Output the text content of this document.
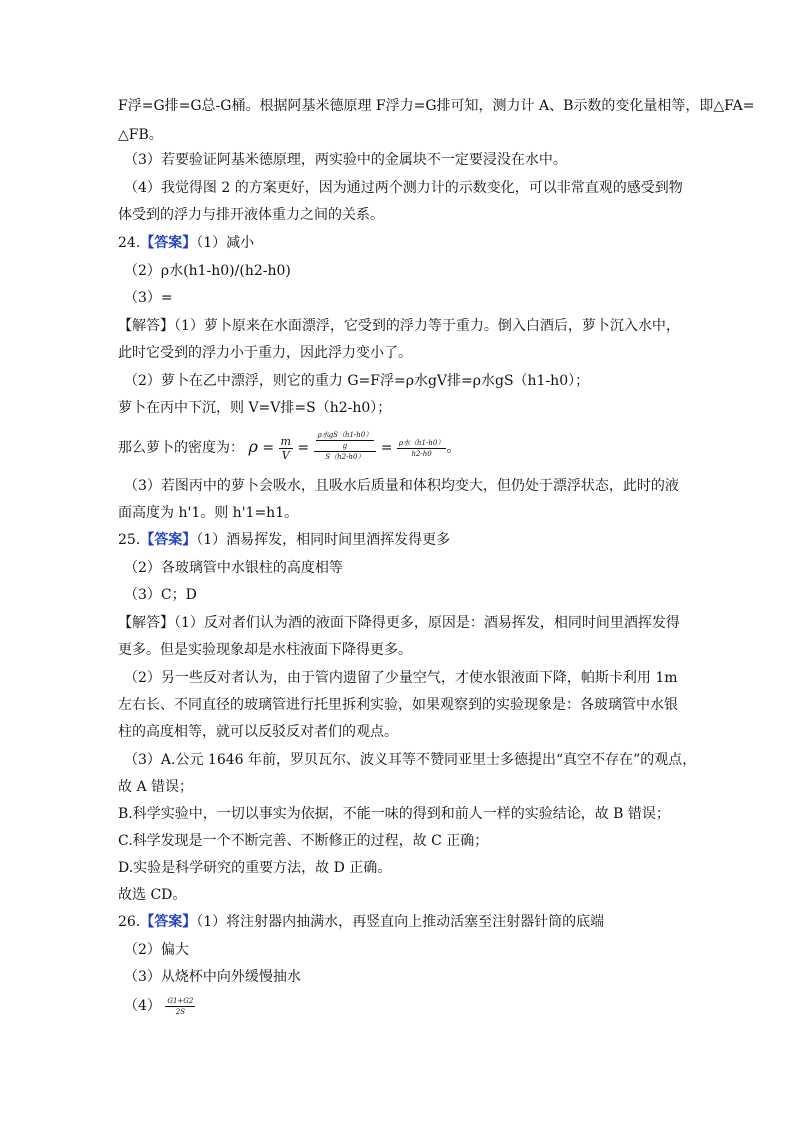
F浮=G排=G总-G桶。根据阿基米德原理 F浮力=G排可知，测力计 A、B示数的变化量相等，即△FA=
△FB。
（3）若要验证阿基米德原理，两实验中的金属块不一定要浸没在水中。
（4）我觉得图 2 的方案更好，因为通过两个测力计的示数变化，可以非常直观的感受到物
体受到的浮力与排开液体重力之间的关系。
24.【答案】（1）减小
（2）ρ水(h1-h0)/(h2-h0)
（3）=
【解答】（1）萝卜原来在水面漂浮，它受到的浮力等于重力。倒入白酒后，萝卜沉入水中，
此时它受到的浮力小于重力，因此浮力变小了。
（2）萝卜在乙中漂浮，则它的重力 G=F浮=ρ水gV排=ρ水gS（h1-h0）；
萝卜在丙中下沉，则 V=V排=S（h2-h0）；
那么萝卜的密度为： $\rho = \frac{m}{V} = \frac{\frac{\text{ρ水gS（h1-h0）}}{g}}{S(h2-h0)} = \frac{\text{ρ水（h1-h0）}}{h2-h0}$ 。
（3）若图丙中的萝卜会吸水，且吸水后质量和体积均变大，但仍处于漂浮状态，此时的液
面高度为 h'1。则 h'1=h1。
25.【答案】（1）酒易挥发，相同时间里酒挥发得更多
（2）各玻璃管中水银柱的高度相等
（3）C；D
【解答】（1）反对者们认为酒的液面下降得更多，原因是：酒易挥发，相同时间里酒挥发得
更多。但是实验现象却是水柱液面下降得更多。
（2）另一些反对者认为，由于管内遗留了少量空气，才使水银液面下降，帕斯卡利用 1m
左右长、不同直径的玻璃管进行托里拆利实验，如果观察到的实验现象是：各玻璃管中水银
柱的高度相等，就可以反驳反对者们的观点。
（3）A.公元 1646 年前，罗贝瓦尔、波义耳等不赞同亚里士多德提出“真空不存在”的观点，
故 A 错误；
B.科学实验中，一切以事实为依据，不能一味的得到和前人一样的实验结论，故 B 错误；
C.科学发现是一个不断完善、不断修正的过程，故 C 正确；
D.实验是科学研究的重要方法，故 D 正确。
故选 CD。
26.【答案】（1）将注射器内抽满水，再竖直向上推动活塞至注射器针筒的底端
（2）偏大
（3）从烧杯中向外缓慢抽水
$(4) \frac{G1+G2}{2S}$
